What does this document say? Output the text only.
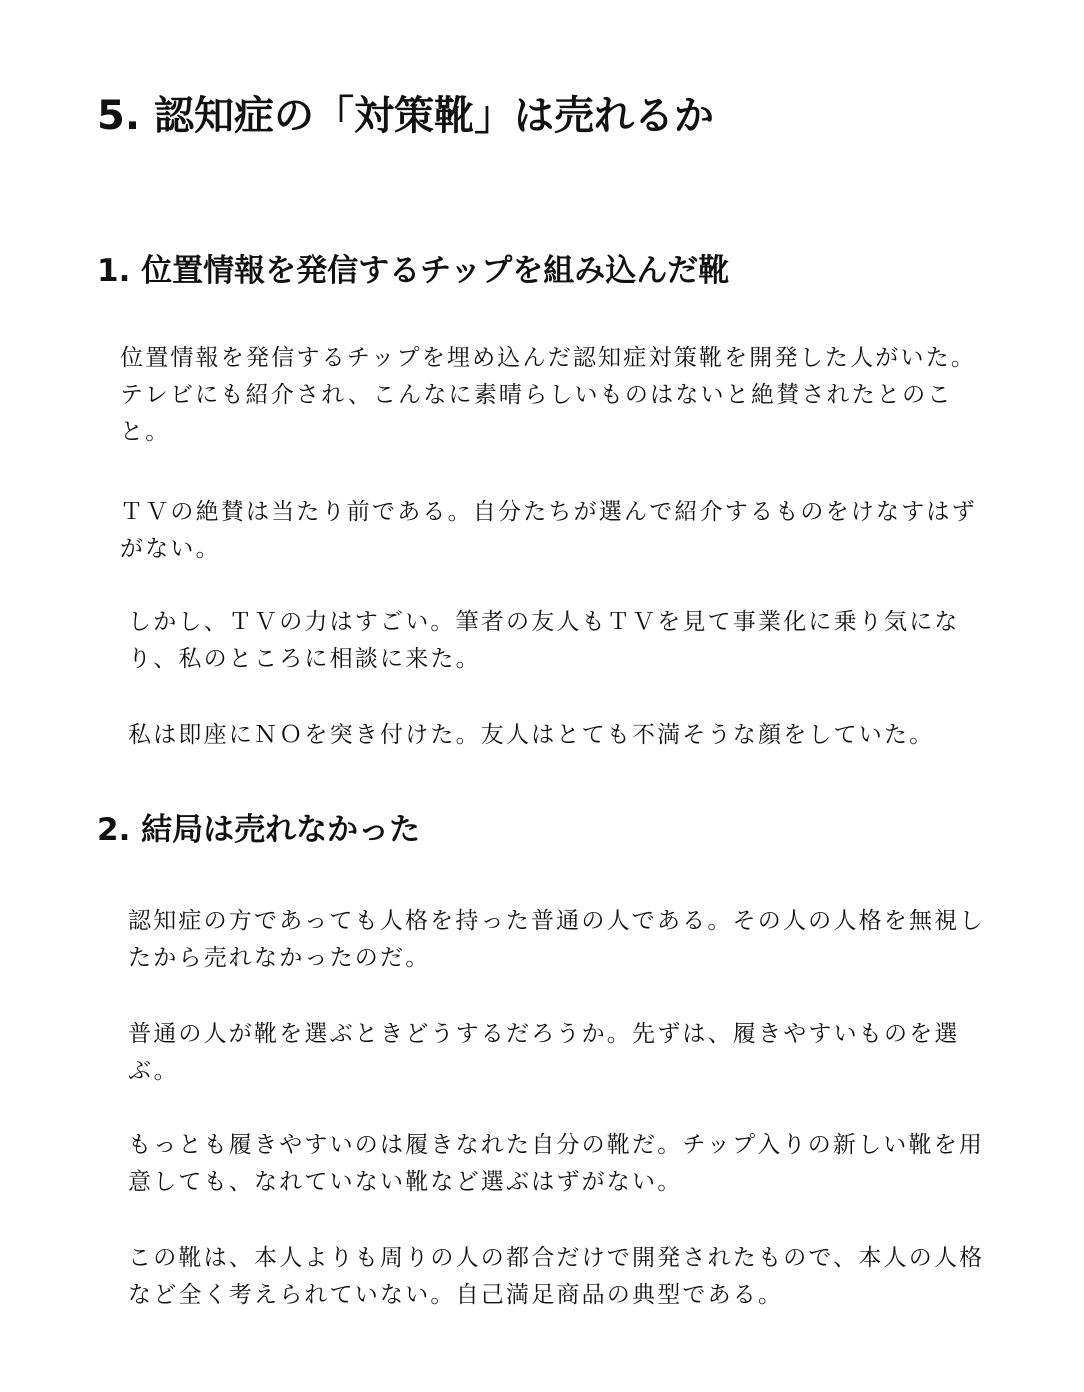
5. 認知症の「対策靴」は売れるか
1. 位置情報を発信するチップを組み込んだ靴

位置情報を発信するチップを埋め込んだ認知症対策靴を開発した人がいた。
テレビにも紹介され、こんなに素晴らしいものはないと絶賛されたとのこ
と。

ＴＶの絶賛は当たり前である。自分たちが選んで紹介するものをけなすはず
がない。

しかし、ＴＶの力はすごい。筆者の友人もＴＶを見て事業化に乗り気にな
り、私のところに相談に来た。

私は即座にＮＯを突き付けた。友人はとても不満そうな顔をしていた。

2. 結局は売れなかった

認知症の方であっても人格を持った普通の人である。その人の人格を無視し
たから売れなかったのだ。

普通の人が靴を選ぶときどうするだろうか。先ずは、履きやすいものを選
ぶ。

もっとも履きやすいのは履きなれた自分の靴だ。チップ入りの新しい靴を用
意しても、なれていない靴など選ぶはずがない。

この靴は、本人よりも周りの人の都合だけで開発されたもので、本人の人格
など全く考えられていない。自己満足商品の典型である。
